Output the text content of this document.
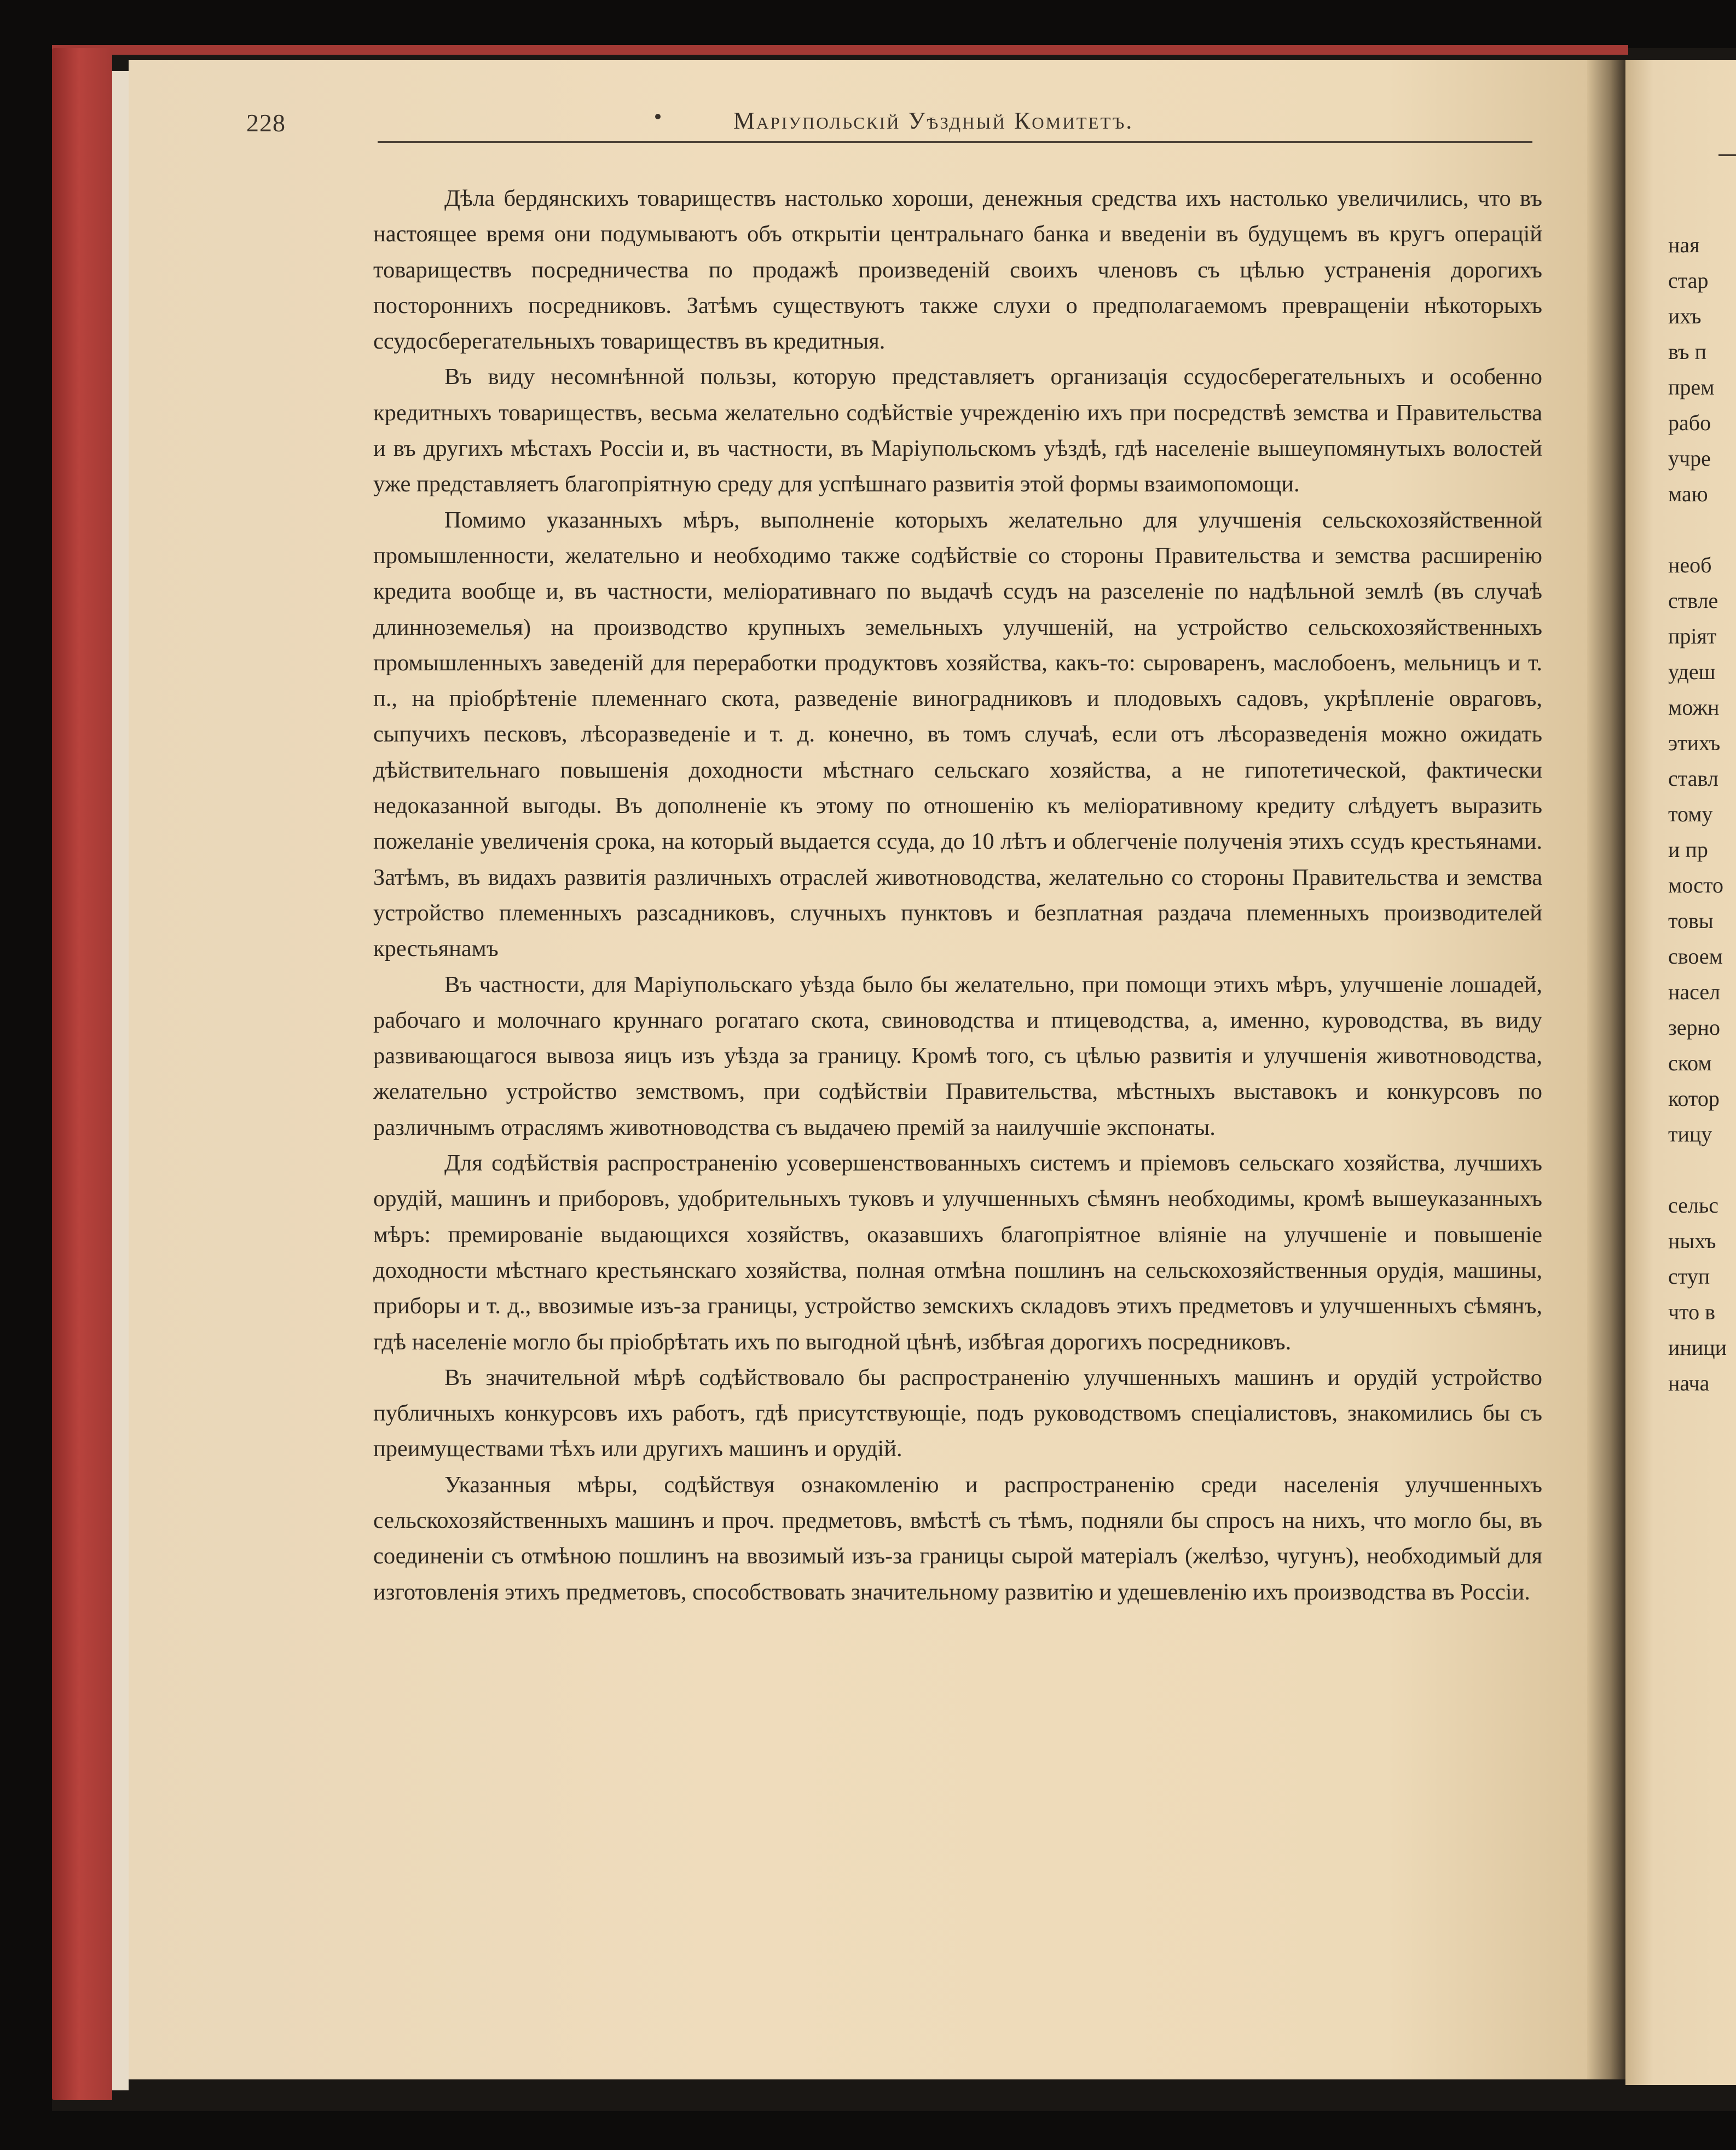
228	Маріупольскій Уѣздный Комитетъ.

Дѣла бердянскихъ товариществъ настолько хороши, денежныя средства ихъ настолько увеличились, что въ настоящее время они подумываютъ объ открытіи центральнаго банка и введеніи въ будущемъ въ кругъ операцій товариществъ посредничества по продажѣ произведеній своихъ членовъ съ цѣлью устраненія дорогихъ постороннихъ посредниковъ. Затѣмъ существуютъ также слухи о предполагаемомъ превращеніи нѣкоторыхъ ссудосберегательныхъ товариществъ въ кредитныя.

Въ виду несомнѣнной пользы, которую представляетъ организація ссудосберегательныхъ и особенно кредитныхъ товариществъ, весьма желательно содѣйствіе учрежденію ихъ при посредствѣ земства и Правительства и въ другихъ мѣстахъ Россіи и, въ частности, въ Маріупольскомъ уѣздѣ, гдѣ населеніе вышеупомянутыхъ волостей уже представляетъ благопріятную среду для успѣшнаго развитія этой формы взаимопомощи.

Помимо указанныхъ мѣръ, выполненіе которыхъ желательно для улучшенія сельскохозяйственной промышленности, желательно и необходимо также содѣйствіе со стороны Правительства и земства расширенію кредита вообще и, въ частности, меліоративнаго по выдачѣ ссудъ на разселеніе по надѣльной землѣ (въ случаѣ длинноземелья) на производство крупныхъ земельныхъ улучшеній, на устройство сельскохозяйственныхъ промышленныхъ заведеній для переработки продуктовъ хозяйства, какъ-то: сыроваренъ, маслобоенъ, мельницъ и т. п., на пріобрѣтеніе племеннаго скота, разведеніе виноградниковъ и плодовыхъ садовъ, укрѣпленіе овраговъ, сыпучихъ песковъ, лѣсоразведеніе и т. д. конечно, въ томъ случаѣ, если отъ лѣсоразведенія можно ожидать дѣйствительнаго повышенія доходности мѣстнаго сельскаго хозяйства, а не гипотетической, фактически недоказанной выгоды. Въ дополненіе къ этому по отношенію къ меліоративному кредиту слѣдуетъ выразить пожеланіе увеличенія срока, на который выдается ссуда, до 10 лѣтъ и облегченіе полученія этихъ ссудъ крестьянами. Затѣмъ, въ видахъ развитія различныхъ отраслей животноводства, желательно со стороны Правительства и земства устройство племенныхъ разсадниковъ, случныхъ пунктовъ и безплатная раздача племенныхъ производителей крестьянамъ

Въ частности, для Маріупольскаго уѣзда было бы желательно, при помощи этихъ мѣръ, улучшеніе лошадей, рабочаго и молочнаго круннаго рогатаго скота, свиноводства и птицеводства, а, именно, куроводства, въ виду развивающагося вывоза яицъ изъ уѣзда за границу. Кромѣ того, съ цѣлью развитія и улучшенія животноводства, желательно устройство земствомъ, при содѣйствіи Правительства, мѣстныхъ выставокъ и конкурсовъ по различнымъ отраслямъ животноводства съ выдачею премій за наилучшіе экспонаты.

Для содѣйствія распространенію усовершенствованныхъ системъ и пріемовъ сельскаго хозяйства, лучшихъ орудій, машинъ и приборовъ, удобрительныхъ туковъ и улучшенныхъ сѣмянъ необходимы, кромѣ вышеуказанныхъ мѣръ: премированіе выдающихся хозяйствъ, оказавшихъ благопріятное вліяніе на улучшеніе и повышеніе доходности мѣстнаго крестьянскаго хозяйства, полная отмѣна пошлинъ на сельскохозяйственныя орудія, машины, приборы и т. д., ввозимые изъ-за границы, устройство земскихъ складовъ этихъ предметовъ и улучшенныхъ сѣмянъ, гдѣ населеніе могло бы пріобрѣтать ихъ по выгодной цѣнѣ, избѣгая дорогихъ посредниковъ.

Въ значительной мѣрѣ содѣйствовало бы распространенію улучшенныхъ машинъ и орудій устройство публичныхъ конкурсовъ ихъ работъ, гдѣ присутствующіе, подъ руководствомъ спеціалистовъ, знакомились бы съ преимуществами тѣхъ или другихъ машинъ и орудій.

Указанныя мѣры, содѣйствуя ознакомленію и распространенію среди населенія улучшенныхъ сельскохозяйственныхъ машинъ и проч. предметовъ, вмѣстѣ съ тѣмъ, подняли бы спросъ на нихъ, что могло бы, въ соединеніи съ отмѣною пошлинъ на ввозимый изъ-за границы сырой матеріалъ (желѣзо, чугунъ), необходимый для изготовленія этихъ предметовъ, способствовать значительному развитію и удешевленію ихъ производства въ Россіи.

ная
стар
ихъ
въ п
прем
рабо
учре
маю
необ
ствле
пріят
удеш
можн
этихъ
ставл
тому
и пр
мосто
товы
своем
насел
зерно
ском
котор
тицу
сельс
ныхъ
ступ
что в
иници
нача
